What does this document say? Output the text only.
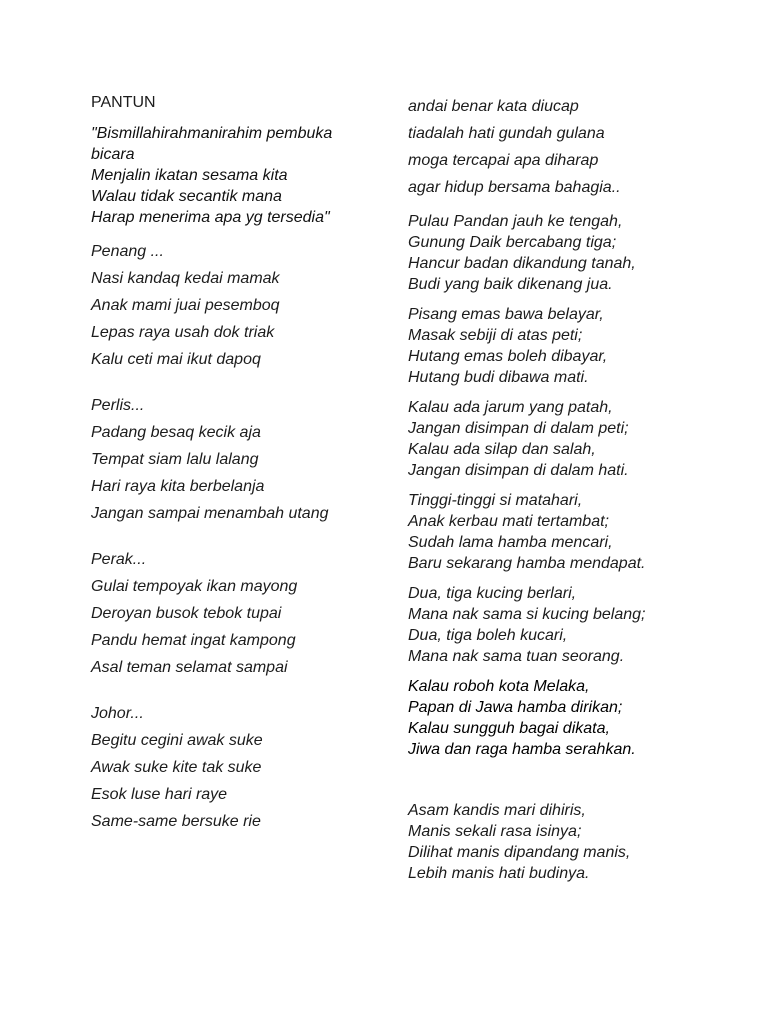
PANTUN
"Bismillahirahmanirahim pembuka
bicara
Menjalin ikatan sesama kita
Walau tidak secantik mana
Harap menerima apa yg tersedia"
Penang ...
Nasi kandaq kedai mamak
Anak mami juai pesemboq
Lepas raya usah dok triak
Kalu ceti mai ikut dapoq
Perlis...
Padang besaq kecik aja
Tempat siam lalu lalang
Hari raya kita berbelanja
Jangan sampai menambah utang
Perak...
Gulai tempoyak ikan mayong
Deroyan busok tebok tupai
Pandu hemat ingat kampong
Asal teman selamat sampai
Johor...
Begitu cegini awak suke
Awak suke kite tak suke
Esok luse hari raye
Same-same bersuke rie
andai benar kata diucap
tiadalah hati gundah gulana
moga tercapai apa diharap
agar hidup bersama bahagia..
Pulau Pandan jauh ke tengah,
Gunung Daik bercabang tiga;
Hancur badan dikandung tanah,
Budi yang baik dikenang jua.
Pisang emas bawa belayar,
Masak sebiji di atas peti;
Hutang emas boleh dibayar,
Hutang budi dibawa mati.
Kalau ada jarum yang patah,
Jangan disimpan di dalam peti;
Kalau ada silap dan salah,
Jangan disimpan di dalam hati.
Tinggi-tinggi si matahari,
Anak kerbau mati tertambat;
Sudah lama hamba mencari,
Baru sekarang hamba mendapat.
Dua, tiga kucing berlari,
Mana nak sama si kucing belang;
Dua, tiga boleh kucari,
Mana nak sama tuan seorang.
Kalau roboh kota Melaka,
Papan di Jawa hamba dirikan;
Kalau sungguh bagai dikata,
Jiwa dan raga hamba serahkan.
Asam kandis mari dihiris,
Manis sekali rasa isinya;
Dilihat manis dipandang manis,
Lebih manis hati budinya.
